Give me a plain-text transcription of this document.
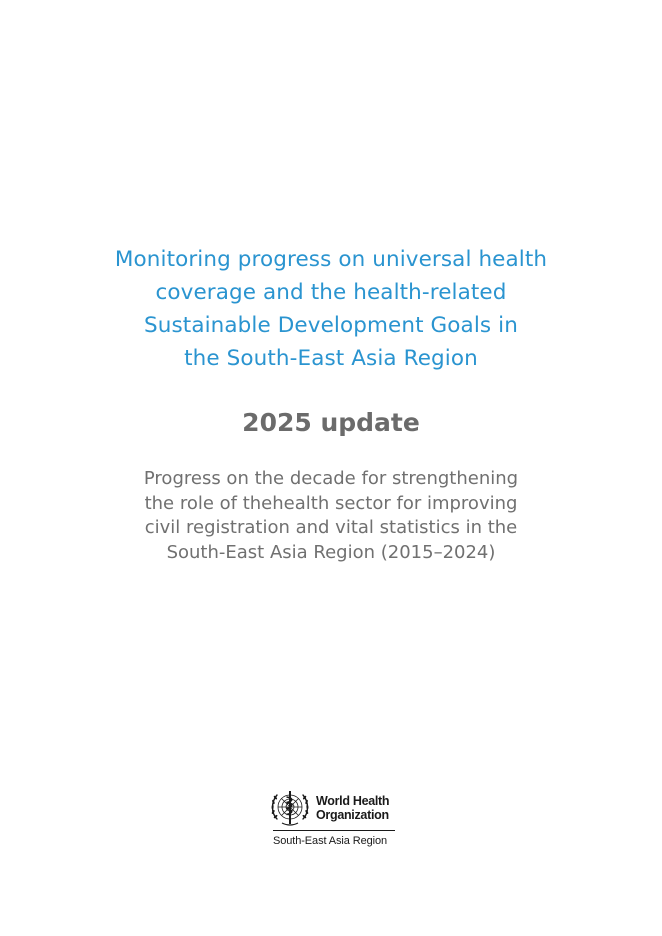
Monitoring progress on universal health
coverage and the health-related
Sustainable Development Goals in
the South-East Asia Region
2025 update
Progress on the decade for strengthening
the role of thehealth sector for improving
civil registration and vital statistics in the
South-East Asia Region (2015–2024)
World Health
Organization
South-East Asia Region
